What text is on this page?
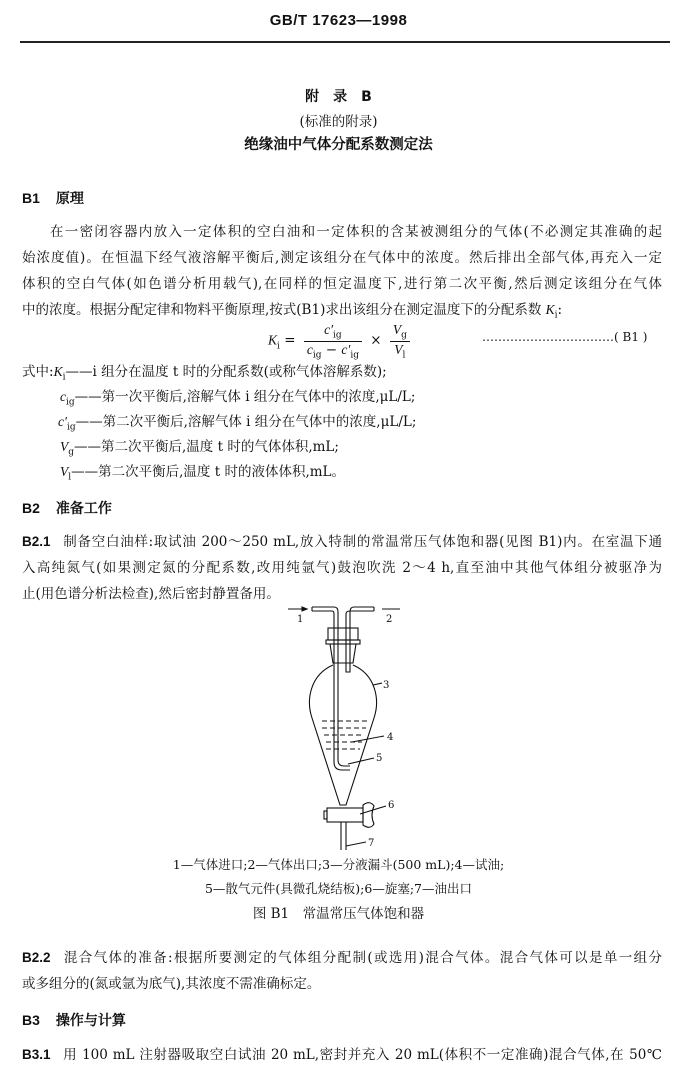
GB/T 17623—1998
附　录　B
(标准的附录)
绝缘油中气体分配系数测定法
B1 原理
在一密闭容器内放入一定体积的空白油和一定体积的含某被测组分的气体(不必测定其准确的起
始浓度值)。在恒温下经气液溶解平衡后,测定该组分在气体中的浓度。然后排出全部气体,再充入一定
体积的空白气体(如色谱分析用载气),在同样的恒定温度下,进行第二次平衡,然后测定该组分在气体
中的浓度。根据分配定律和物料平衡原理,按式(B1)求出该组分在测定温度下的分配系数 $K_i$:
$K_i = \frac{c'_{ig}}{c_{ig} - c'_{ig}} \times \frac{V_g}{V_l}$	……………………………( B1 )
式中$:K_i——i$ 组分在温度 t 时的分配系数(或称气体溶解系数);
$c_{ig}——$第一次平衡后,溶解气体 i 组分在气体中的浓度,μL/L;
$c'_{ig}——$第二次平衡后,溶解气体 i 组分在气体中的浓度,μL/L;
$V_g——$第二次平衡后,温度 t 时的气体体积,mL;
$V_l——$第二次平衡后,温度 t 时的液体体积,mL。
B2 准备工作
B2.1 制备空白油样:取试油 200～250 mL,放入特制的常温常压气体饱和器(见图 B1)内。在室温下通
入高纯氮气(如果测定氮的分配系数,改用纯氩气)鼓泡吹洗 2～4 h,直至油中其他气体组分被驱净为
止(用色谱分析法检查),然后密封静置备用。
3
4
5
6
7
1	2
1—气体进口;2—气体出口;3—分液漏斗(500 mL);4—试油;
5—散气元件(具微孔烧结板);6—旋塞;7—油出口
图 B1　常温常压气体饱和器
B2.2 混合气体的准备:根据所要测定的气体组分配制(或选用)混合气体。混合气体可以是单一组分
或多组分的(氮或氩为底气),其浓度不需准确标定。
B3 操作与计算
B3.1 用 100 mL 注射器吸取空白试油 20 mL,密封并充入 20 mL(体积不一定准确)混合气体,在 50℃
